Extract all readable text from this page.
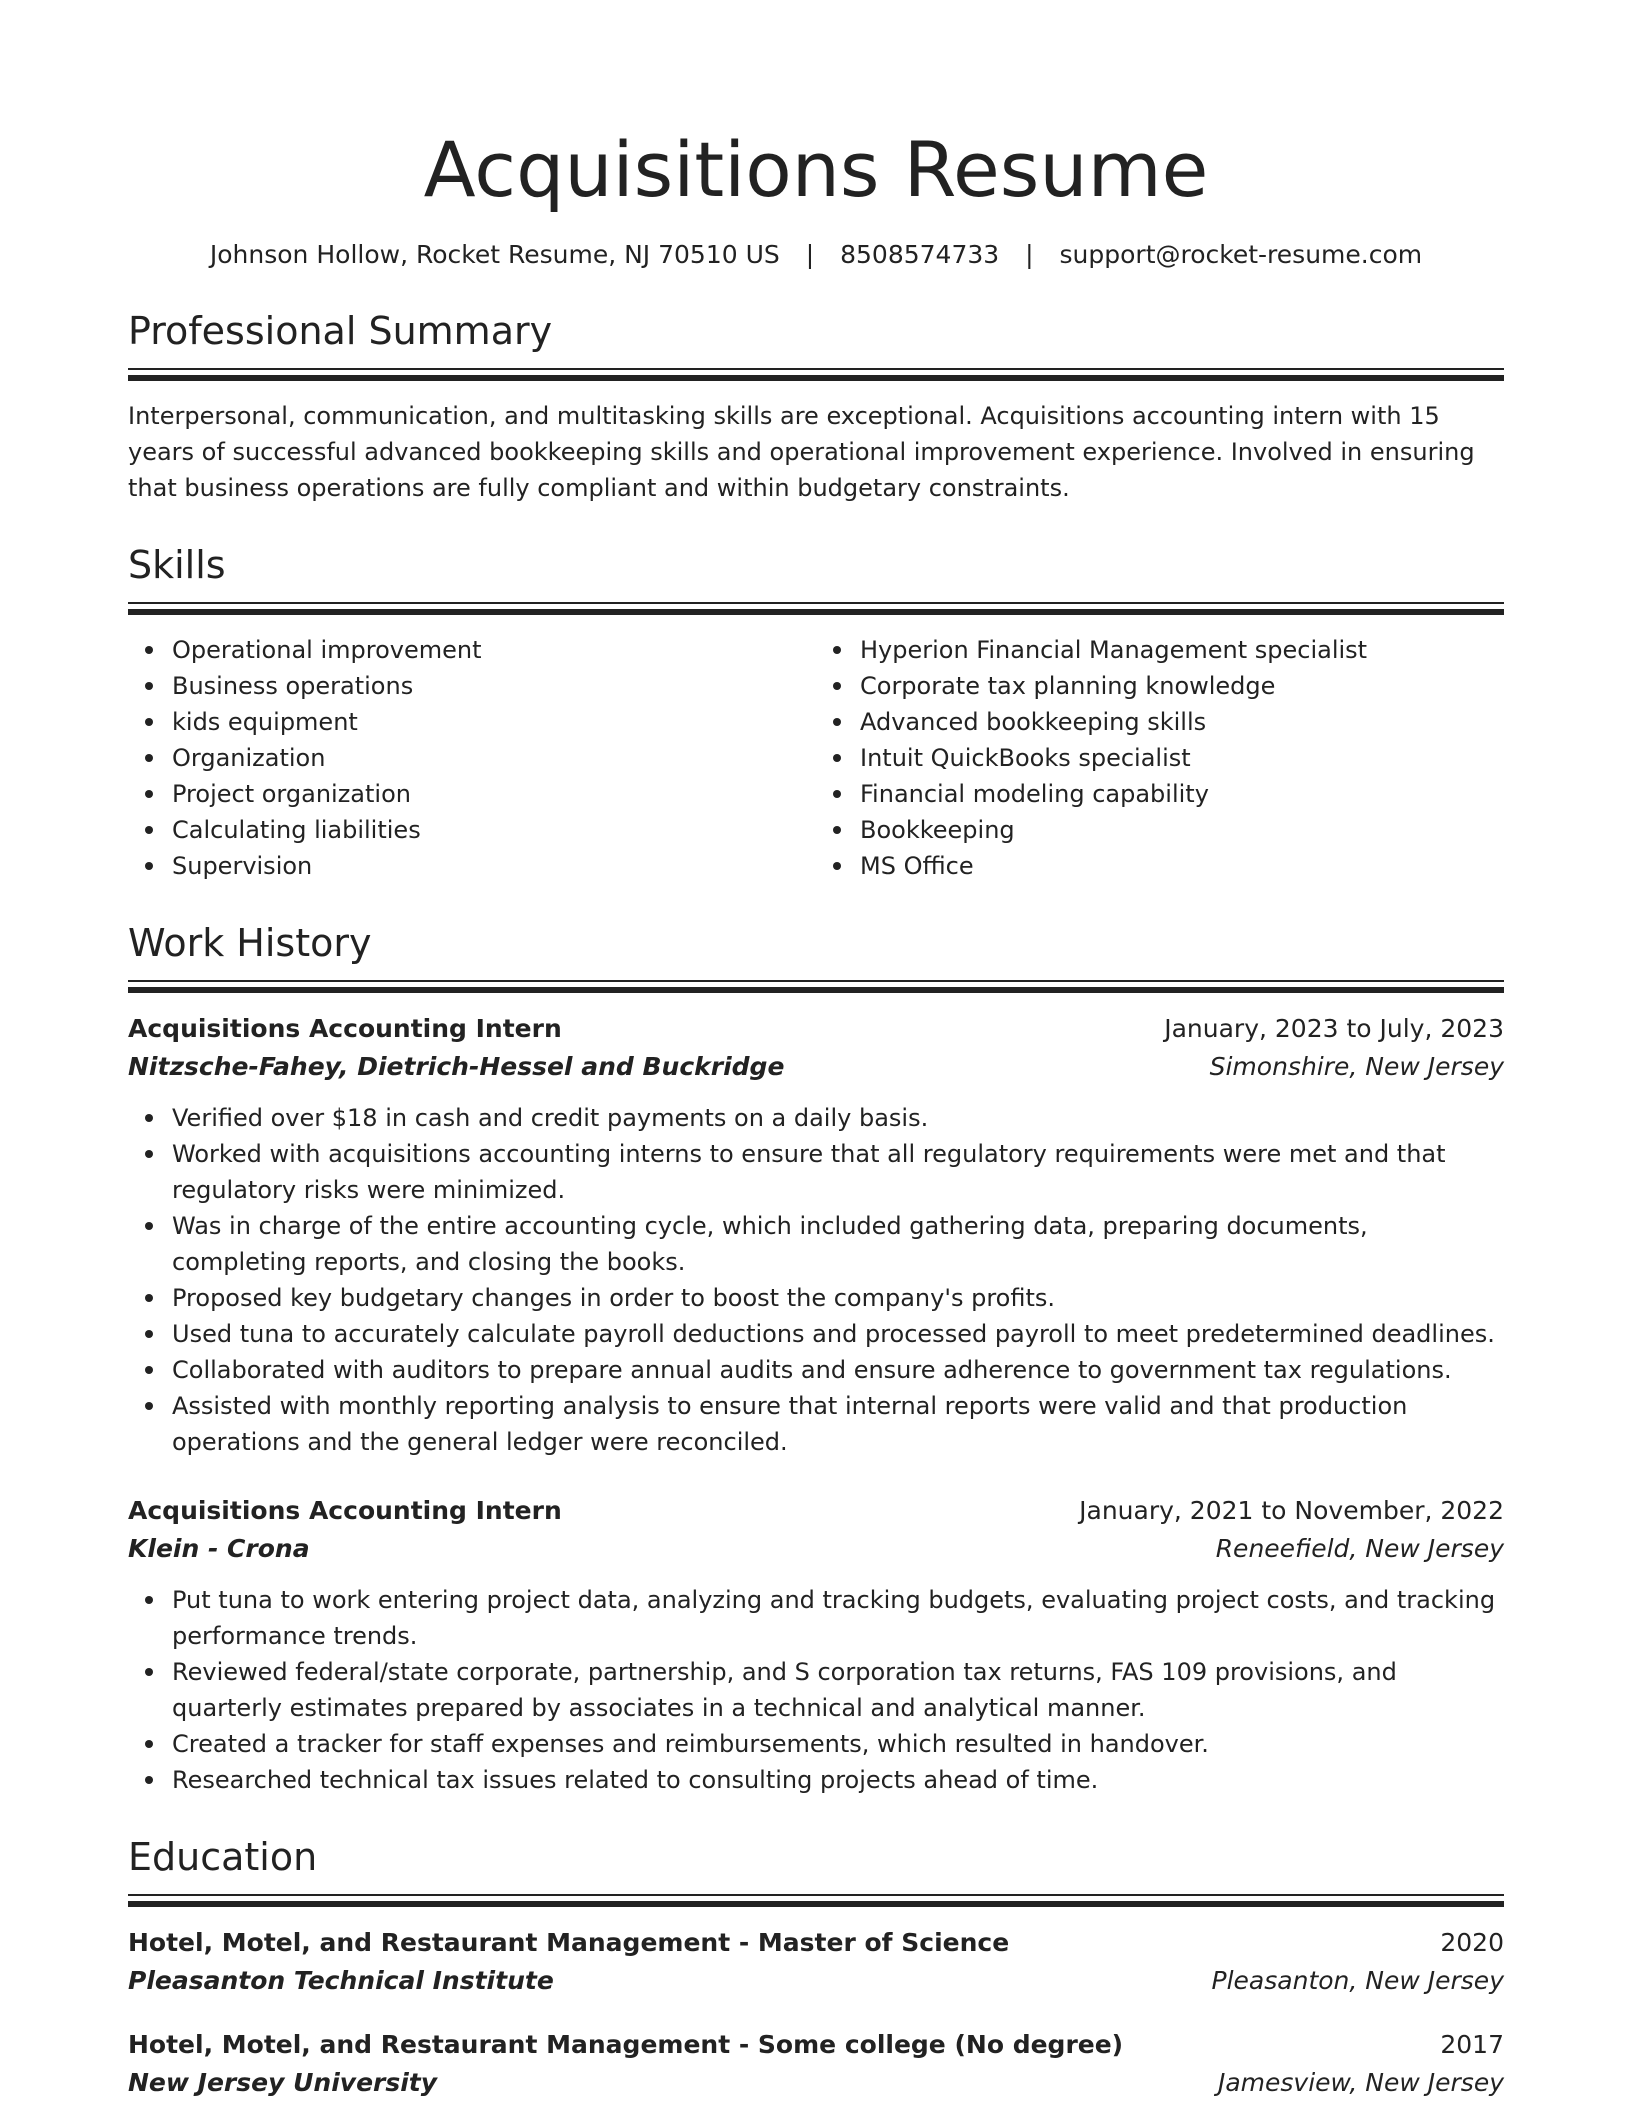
Acquisitions Resume
Johnson Hollow, Rocket Resume, NJ 70510 US | 8508574733 | support@rocket-resume.com
Professional Summary

Interpersonal, communication, and multitasking skills are exceptional. Acquisitions accounting intern with 15 years of successful advanced bookkeeping skills and operational improvement experience. Involved in ensuring that business operations are fully compliant and within budgetary constraints.

Skills
Operational improvement
Business operations
kids equipment
Organization
Project organization
Calculating liabilities
Supervision
Hyperion Financial Management specialist
Corporate tax planning knowledge
Advanced bookkeeping skills
Intuit QuickBooks specialist
Financial modeling capability
Bookkeeping
MS Office
Work History
Acquisitions Accounting Intern	January, 2023 to July, 2023
Nitzsche-Fahey, Dietrich-Hessel and Buckridge	Simonshire, New Jersey
Verified over $18 in cash and credit payments on a daily basis.
Worked with acquisitions accounting interns to ensure that all regulatory requirements were met and that regulatory risks were minimized.
Was in charge of the entire accounting cycle, which included gathering data, preparing documents, completing reports, and closing the books.
Proposed key budgetary changes in order to boost the company's profits.
Used tuna to accurately calculate payroll deductions and processed payroll to meet predetermined deadlines.
Collaborated with auditors to prepare annual audits and ensure adherence to government tax regulations.
Assisted with monthly reporting analysis to ensure that internal reports were valid and that production operations and the general ledger were reconciled.
Acquisitions Accounting Intern	January, 2021 to November, 2022
Klein - Crona	Reneefield, New Jersey
Put tuna to work entering project data, analyzing and tracking budgets, evaluating project costs, and tracking performance trends.
Reviewed federal/state corporate, partnership, and S corporation tax returns, FAS 109 provisions, and quarterly estimates prepared by associates in a technical and analytical manner.
Created a tracker for staff expenses and reimbursements, which resulted in handover.
Researched technical tax issues related to consulting projects ahead of time.
Education
Hotel, Motel, and Restaurant Management - Master of Science	2020
Pleasanton Technical Institute	Pleasanton, New Jersey
Hotel, Motel, and Restaurant Management - Some college (No degree)	2017
New Jersey University	Jamesview, New Jersey
